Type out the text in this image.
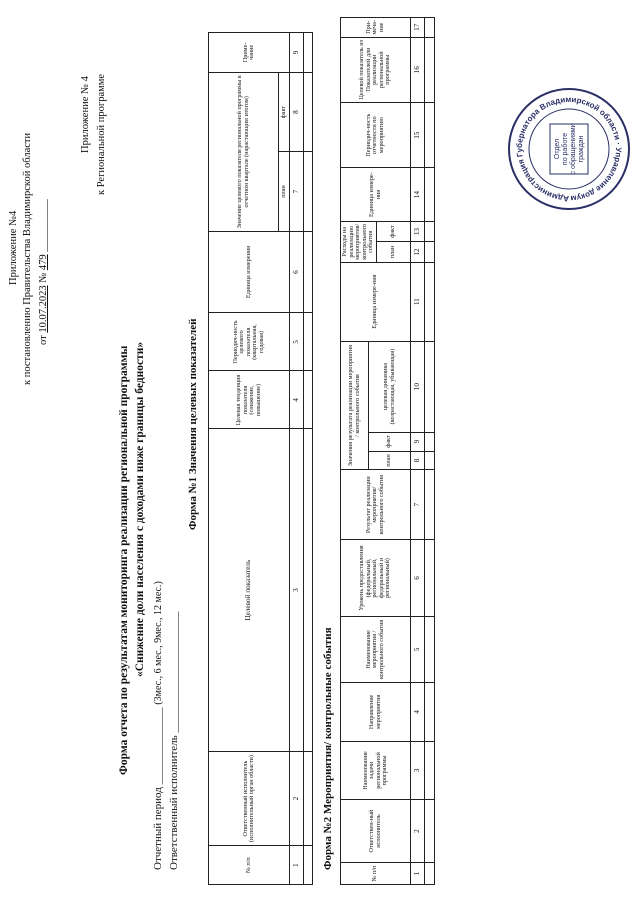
Приложение №4 к постановлению Правительства Владимирской области от 10.07.2023 № 479 __________
Приложение № 4 к Региональной программе
Форма отчета по результатам мониторинга реализации региональной программы «Снижение доли населения с доходами ниже границы бедности»
Отчетный период ______________ (3мес., 6 мес., 9мес., 12 мес.)
Ответственный исполнитель ______________________
Форма №1 Значения целевых показателей
№ п/п	Ответственный исполнитель (исполнительный орган области)	Целевой показатель	Целевая тенденция показателя (снижение, повышение)	Периодич-ность целевого показателя (квартальная, годовая)	Единица измерения	Значение целевого показателя региональной программы в отчетном квартале (нарастающим итогом)		Приме-чание
						план	факт	
1	2	3	4	5	6	7	8	9

Форма №2 Мероприятия/ контрольные события
№ п/п	Ответствен-ный исполнитель	Наименование задачи региональной программы	Направление мероприятия	Наименование мероприятия / контрольного события	Уровень предоставления (федеральный, региональный, федеральный и региональный)	Результат реализации мероприятия/ контрольного события	Значения результата реализации мероприятия / контрольного события			Единица измере-ния	Расходы на реализацию мероприятия/ контрольного события		Единица измере-ния	Периодич-ность отчетности по мероприятию	Целевой показатель из Показателей для реализации региональной программы	При-меча-ние
							план	факт	целевая динамика (возрастающая, убывающая)							
											план	факт				
1	2	3	4	5	6	7	8	9	10	11	12	13	14	15	16	17

Администрация Губернатора Владимирской области · Управление докум
Отдел по работе с обращениями граждан
